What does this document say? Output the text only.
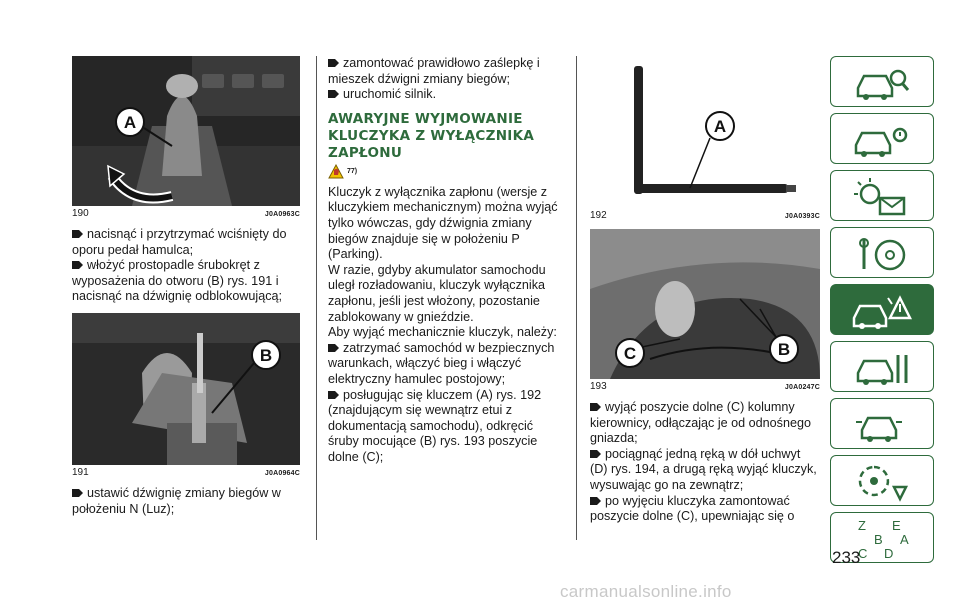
A
190	J0A0963C

nacisnąć i przytrzymać wciśnięty do oporu pedał hamulca;

włożyć prostopadle śrubokręt z wyposażenia do otworu (B) rys. 191 i nacisnąć na dźwignię odblokowującą;

B
191	J0A0964C

ustawić dźwignię zmiany biegów w położeniu N (Luz);

zamontować prawidłowo zaślepkę i mieszek dźwigni zmiany biegów;

uruchomić silnik.

AWARYJNE WYJMOWANIE KLUCZYKA Z WYŁĄCZNIKA ZAPŁONU
77)

Kluczyk z wyłącznika zapłonu (wersje z kluczykiem mechanicznym) można wyjąć tylko wówczas, gdy dźwignia zmiany biegów znajduje się w położeniu P (Parking).

W razie, gdyby akumulator samochodu uległ rozładowaniu, kluczyk wyłącznika zapłonu, jeśli jest włożony, pozostanie zablokowany w gnieździe.

Aby wyjąć mechanicznie kluczyk, należy:

zatrzymać samochód w bezpiecznych warunkach, włączyć bieg i włączyć elektryczny hamulec postojowy;

posługując się kluczem (A) rys. 192 (znajdującym się wewnątrz etui z dokumentacją samochodu), odkręcić śruby mocujące (B) rys. 193 poszycie dolne (C);

A
192	J0A0393C
C	B
193	J0A0247C

wyjąć poszycie dolne (C) kolumny kierownicy, odłączając je od odnośnego gniazda;

pociągnąć jedną ręką w dół uchwyt (D) rys. 194, a drugą ręką wyjąć kluczyk, wysuwając go na zewnątrz;

po wyjęciu kluczyka zamontować poszycie dolne (C), upewniając się o

Z E
A
B
C D
233
carmanualsonline.info
